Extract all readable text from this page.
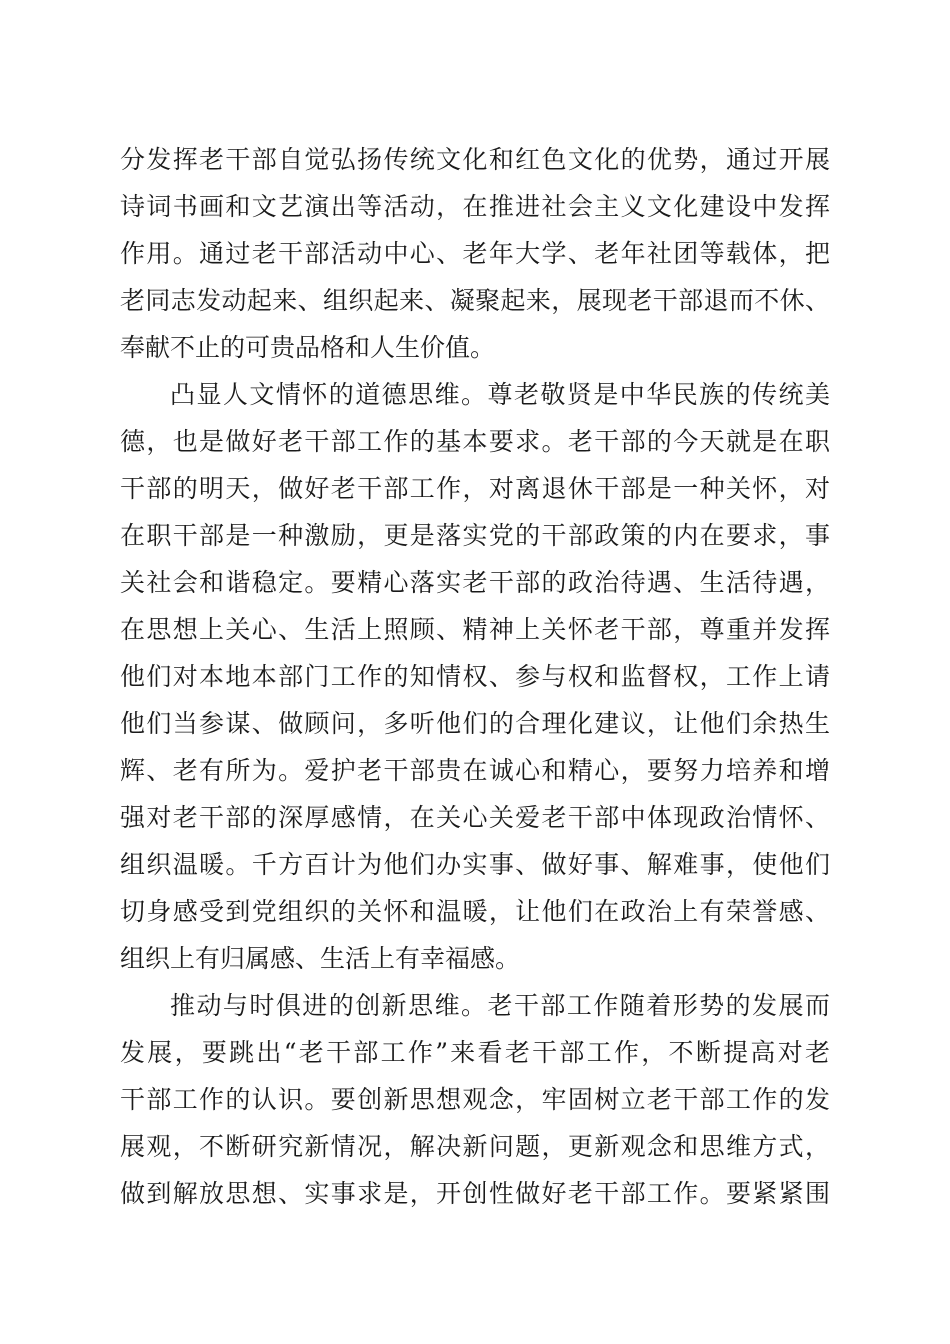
分发挥老干部自觉弘扬传统文化和红色文化的优势，通过开展
诗词书画和文艺演出等活动，在推进社会主义文化建设中发挥
作用。通过老干部活动中心、老年大学、老年社团等载体，把
老同志发动起来、组织起来、凝聚起来，展现老干部退而不休、
奉献不止的可贵品格和人生价值。
凸显人文情怀的道德思维。尊老敬贤是中华民族的传统美
德，也是做好老干部工作的基本要求。老干部的今天就是在职
干部的明天，做好老干部工作，对离退休干部是一种关怀，对
在职干部是一种激励，更是落实党的干部政策的内在要求，事
关社会和谐稳定。要精心落实老干部的政治待遇、生活待遇，
在思想上关心、生活上照顾、精神上关怀老干部，尊重并发挥
他们对本地本部门工作的知情权、参与权和监督权，工作上请
他们当参谋、做顾问，多听他们的合理化建议，让他们余热生
辉、老有所为。爱护老干部贵在诚心和精心，要努力培养和增
强对老干部的深厚感情，在关心关爱老干部中体现政治情怀、
组织温暖。千方百计为他们办实事、做好事、解难事，使他们
切身感受到党组织的关怀和温暖，让他们在政治上有荣誉感、
组织上有归属感、生活上有幸福感。
推动与时俱进的创新思维。老干部工作随着形势的发展而
发展，要跳出“老干部工作”来看老干部工作，不断提高对老
干部工作的认识。要创新思想观念，牢固树立老干部工作的发
展观，不断研究新情况，解决新问题，更新观念和思维方式，
做到解放思想、实事求是，开创性做好老干部工作。要紧紧围
